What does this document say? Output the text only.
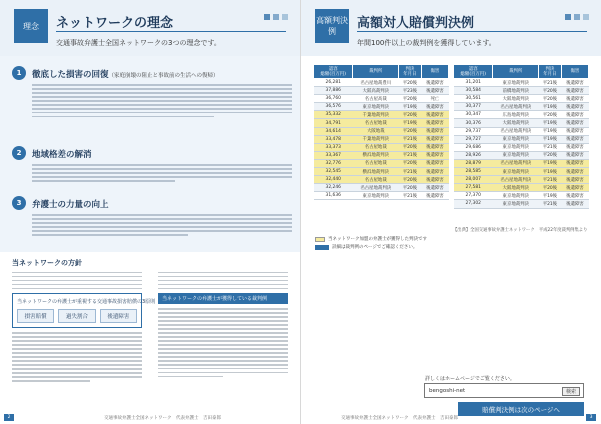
理念	ネットワークの理念
交通事故弁護士全国ネットワークの3つの理念です。
1	徹底した損害の回復（家庭崩壊の阻止と事故前の生活への復帰）
2	地域格差の解消
3	弁護士の力量の向上
当ネットワークの方針
当ネットワークの弁護士が重視する交通事故損害賠償の3原則
損害賠償	過失割合	後遺障害
当ネットワークの弁護士が獲得している裁判例
2	交通事故弁護士全国ネットワーク　代表弁護士　吉田泰郎
高額判決例
高額対人賠償判決例
年間100件以上の裁判例を獲得しています。
認容
総額(百万円)	裁判所	判決
年月日	傷害
26,281	名古屋地裁豊川	平20後	後遺障害
37,886	大阪高裁判決	平23後	後遺障害
36,760	名古屋高裁	平20後	死亡
36,576	東京地裁判決	平19後	後遺障害
35,332	千葉地裁判決	平20後	後遺障害
34,791	名古屋地裁	平19後	後遺障害
34,614	大阪地裁	平20後	後遺障害
33,478	千葉地裁判決	平21後	後遺障害
33,373	名古屋地裁	平20後	後遺障害
33,367	横浜地裁判決	平21後	後遺障害
32,776	名古屋地裁	平20後	後遺障害
32,545	横浜地裁判決	平21後	後遺障害
32,440	名古屋地裁	平20後	後遺障害
32,246	名古屋地裁判決	平20後	後遺障害
31,636	東京地裁判決	平21後	後遺障害
認容
総額(百万円)	裁判所	判決
年月日	傷害
31,201	東京地裁判決	平21後	後遺障害
30,584	前橋地裁判決	平20後	後遺障害
30,561	大阪地裁判決	平20後	後遺障害
30,377	名古屋地裁判決	平19後	後遺障害
30,347	広島地裁判決	平20後	後遺障害
30,376	大阪地裁判決	平19後	後遺障害
29,737	名古屋地裁判決	平19後	後遺障害
29,727	東京地裁判決	平19後	後遺障害
29,686	東京地裁判決	平21後	後遺障害
28,926	東京地裁判決	平20後	後遺障害
28,879	名古屋地裁判決	平19後	後遺障害
28,585	東京地裁判決	平19後	後遺障害
28,007	名古屋地裁判決	平21後	後遺障害
27,581	大阪地裁判決	平20後	後遺障害
27,370	東京地裁判決	平19後	後遺障害
27,302	東京地裁判決	平21後	後遺障害
【出典】全国交通事故弁護士ネットワーク　平成22年度裁判例集より
当ネットワーク加盟の弁護士が獲得した判決です
詳細は裁判例のページでご確認ください。
3
交通事故弁護士全国ネットワーク　代表弁護士　吉田泰郎
詳しくはホームページでご覧ください。
bengoshi-net	検索
賠償判決例は次のページへ
